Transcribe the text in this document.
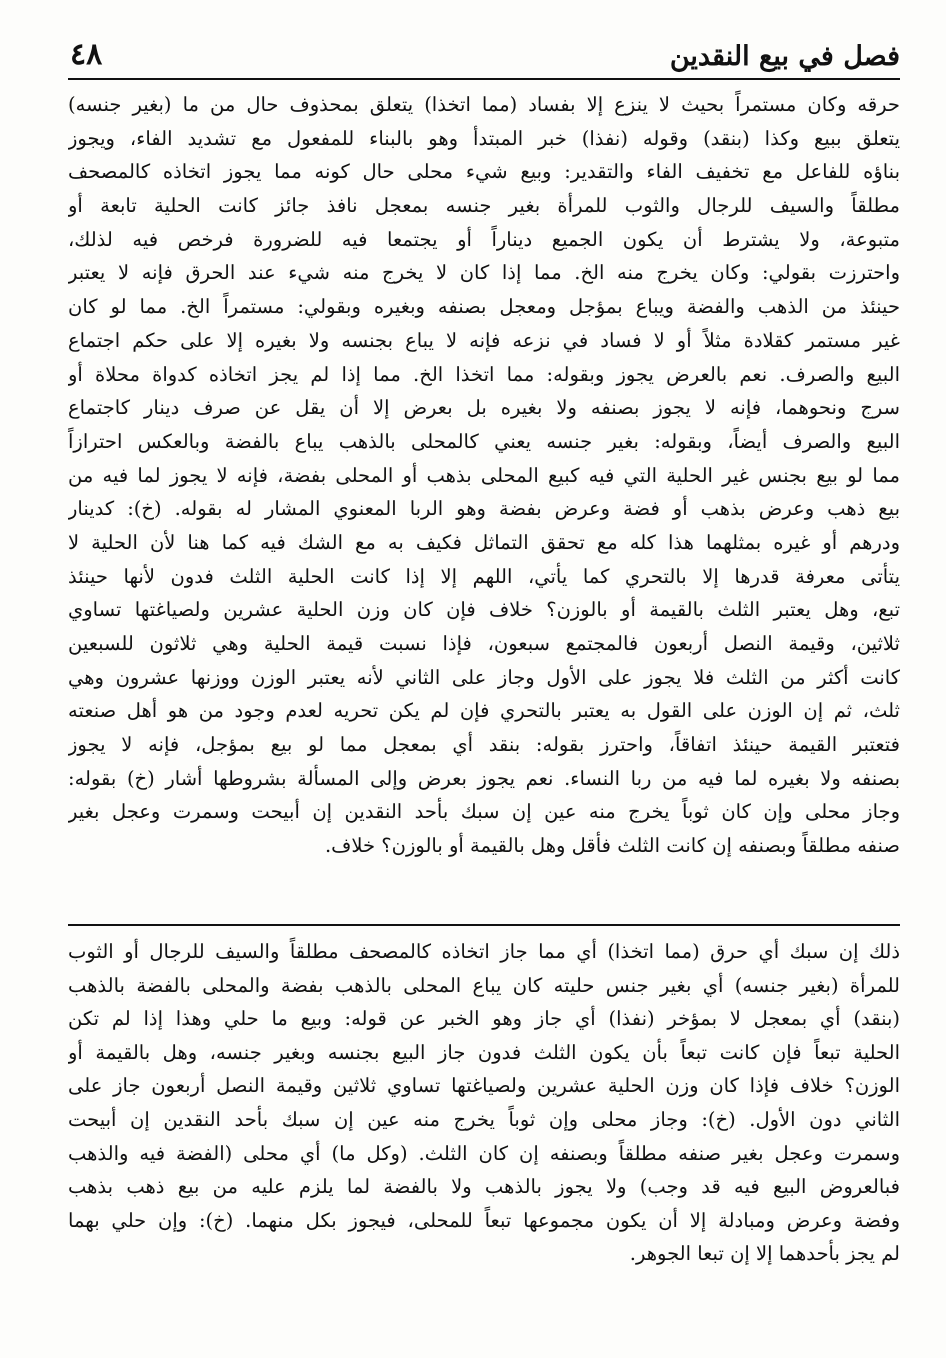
فصل في بيع النقدين
٤٨
حرقه وكان مستمراً بحيث لا ينزع إلا بفساد (مما اتخذا) يتعلق بمحذوف حال من ما (بغير جنسه)
يتعلق ببيع وكذا (بنقد) وقوله (نفذا) خبر المبتدأ وهو بالبناء للمفعول مع تشديد الفاء، ويجوز
بناؤه للفاعل مع تخفيف الفاء والتقدير: وبيع شيء محلى حال كونه مما يجوز اتخاذه كالمصحف
مطلقاً والسيف للرجال والثوب للمرأة بغير جنسه بمعجل نافذ جائز كانت الحلية تابعة أو
متبوعة، ولا يشترط أن يكون الجميع ديناراً أو يجتمعا فيه للضرورة فرخص فيه لذلك،
واحترزت بقولي: وكان يخرج منه الخ. مما إذا كان لا يخرج منه شيء عند الحرق فإنه لا يعتبر
حينئذ من الذهب والفضة ويباع بمؤجل ومعجل بصنفه وبغيره وبقولي: مستمراً الخ. مما لو كان
غير مستمر كقلادة مثلاً أو لا فساد في نزعه فإنه لا يباع بجنسه ولا بغيره إلا على حكم اجتماع
البيع والصرف. نعم بالعرض يجوز وبقوله: مما اتخذا الخ. مما إذا لم يجز اتخاذه كدواة محلاة أو
سرج ونحوهما، فإنه لا يجوز بصنفه ولا بغيره بل بعرض إلا أن يقل عن صرف دينار كاجتماع
البيع والصرف أيضاً، وبقوله: بغير جنسه يعني كالمحلى بالذهب يباع بالفضة وبالعكس احترازاً
مما لو بيع بجنس غير الحلية التي فيه كبيع المحلى بذهب أو المحلى بفضة، فإنه لا يجوز لما فيه من
بيع ذهب وعرض بذهب أو فضة وعرض بفضة وهو الربا المعنوي المشار له بقوله. (خ): كدينار
ودرهم أو غيره بمثلهما هذا كله مع تحقق التماثل فكيف به مع الشك فيه كما هنا لأن الحلية لا
يتأتى معرفة قدرها إلا بالتحري كما يأتي، اللهم إلا إذا كانت الحلية الثلث فدون لأنها حينئذ
تبع، وهل يعتبر الثلث بالقيمة أو بالوزن؟ خلاف فإن كان وزن الحلية عشرين ولصياغتها تساوي
ثلاثين، وقيمة النصل أربعون فالمجتمع سبعون، فإذا نسبت قيمة الحلية وهي ثلاثون للسبعين
كانت أكثر من الثلث فلا يجوز على الأول وجاز على الثاني لأنه يعتبر الوزن ووزنها عشرون وهي
ثلث، ثم إن الوزن على القول به يعتبر بالتحري فإن لم يكن تحريه لعدم وجود من هو أهل صنعته
فتعتبر القيمة حينئذ اتفاقاً، واحترز بقوله: بنقد أي بمعجل مما لو بيع بمؤجل، فإنه لا يجوز
بصنفه ولا بغيره لما فيه من ربا النساء. نعم يجوز بعرض وإلى المسألة بشروطها أشار (خ) بقوله:
وجاز محلى وإن كان ثوباً يخرج منه عين إن سبك بأحد النقدين إن أبيحت وسمرت وعجل بغير
صنفه مطلقاً وبصنفه إن كانت الثلث فأقل وهل بالقيمة أو بالوزن؟ خلاف.
ذلك إن سبك أي حرق (مما اتخذا) أي مما جاز اتخاذه كالمصحف مطلقاً والسيف للرجال أو الثوب
للمرأة (بغير جنسه) أي بغير جنس حليته كان يباع المحلى بالذهب بفضة والمحلى بالفضة بالذهب
(بنقد) أي بمعجل لا بمؤخر (نفذا) أي جاز وهو الخبر عن قوله: وبيع ما حلي وهذا إذا لم تكن
الحلية تبعاً فإن كانت تبعاً بأن يكون الثلث فدون جاز البيع بجنسه وبغير جنسه، وهل بالقيمة أو
الوزن؟ خلاف فإذا كان وزن الحلية عشرين ولصياغتها تساوي ثلاثين وقيمة النصل أربعون جاز على
الثاني دون الأول. (خ): وجاز محلى وإن ثوباً يخرج منه عين إن سبك بأحد النقدين إن أبيحت
وسمرت وعجل بغير صنفه مطلقاً وبصنفه إن كان الثلث. (وكل ما) أي محلى (الفضة فيه والذهب
فبالعروض البيع فيه قد وجب) ولا يجوز بالذهب ولا بالفضة لما يلزم عليه من بيع ذهب بذهب
وفضة وعرض ومبادلة إلا أن يكون مجموعها تبعاً للمحلى، فيجوز بكل منهما. (خ): وإن حلي بهما
لم يجز بأحدهما إلا إن تبعا الجوهر.
